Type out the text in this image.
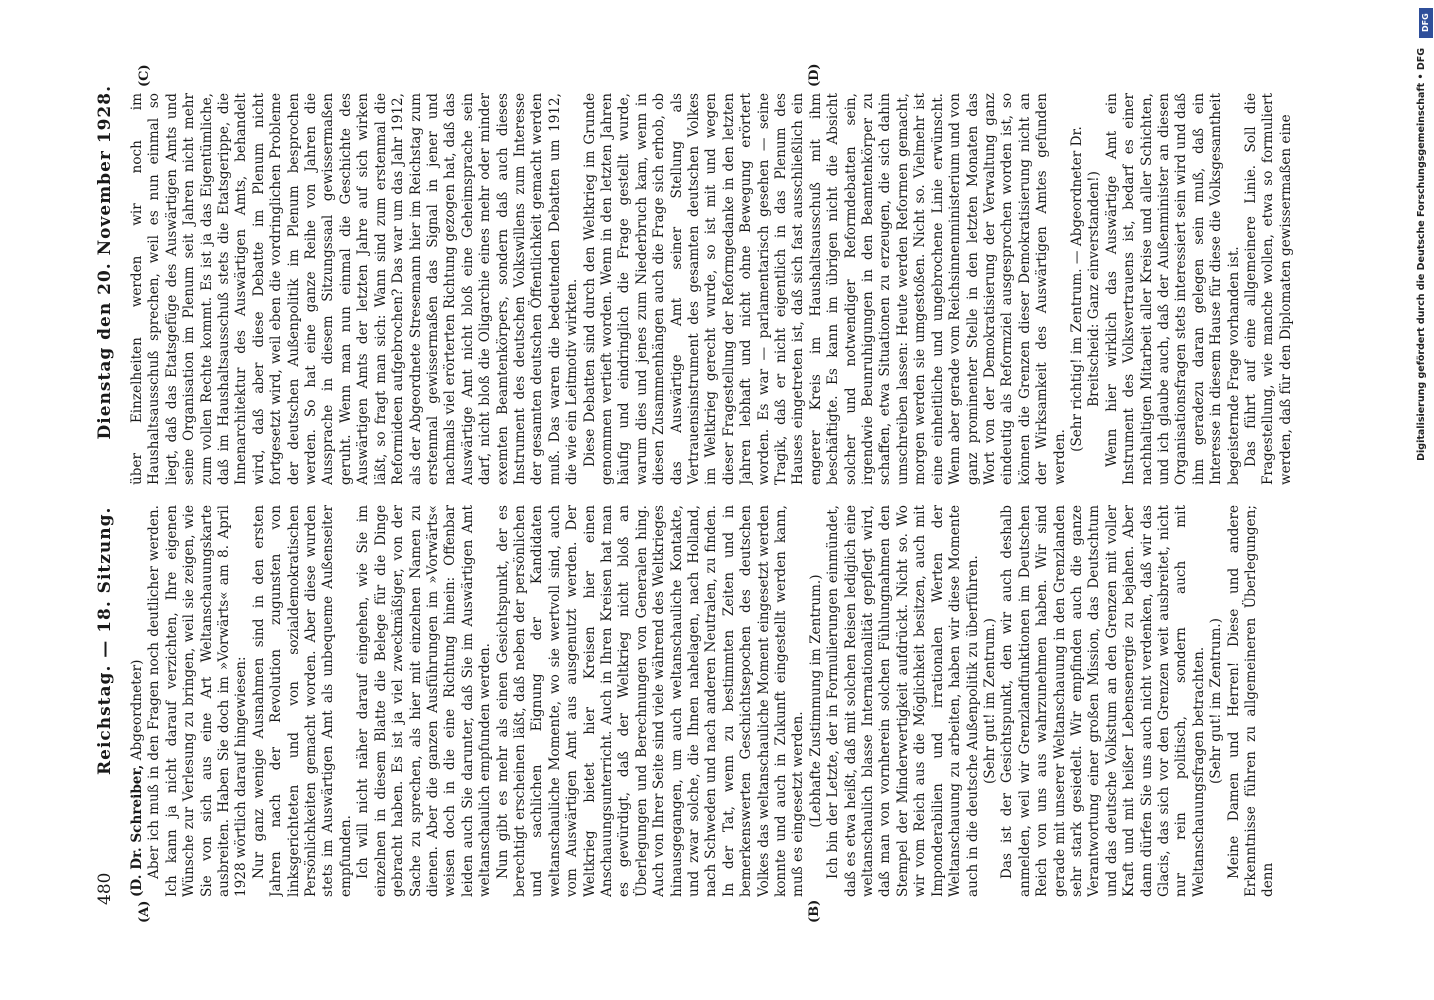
480
Reichstag. — 18. Sitzung.
Dienstag den 20. November 1928.
(A)	(B)
(C)	(D)

(D. Dr. Schreiber, Abgeordneter) Aber ich muß in den Fragen noch deutlicher werden. Ich kann ja nicht darauf verzichten, Ihre eigenen Wünsche zur Verlesung zu bringen, weil sie zeigen, wie Sie von sich aus eine Art Weltanschauungskarte ausbreiten. Haben Sie doch im »Vorwärts« am 8. April 1928 wörtlich darauf hingewiesen: Nur ganz wenige Ausnahmen sind in den ersten Jahren nach der Revolution zugunsten von linksgerichteten und von sozialdemokratischen Persönlichkeiten gemacht worden. Aber diese wurden stets im Auswärtigen Amt als unbequeme Außenseiter empfunden. Ich will nicht näher darauf eingehen, wie Sie im einzelnen in diesem Blatte die Belege für die Dinge gebracht haben. Es ist ja viel zweckmäßiger, von der Sache zu sprechen, als hier mit einzelnen Namen zu dienen. Aber die ganzen Ausführungen im »Vorwärts« weisen doch in die eine Richtung hinein: Offenbar leiden auch Sie darunter, daß Sie im Auswärtigen Amt weltanschaulich empfunden werden. Nun gibt es mehr als einen Gesichtspunkt, der es berechtigt erscheinen läßt, daß neben der persönlichen und sachlichen Eignung der Kandidaten weltanschauliche Momente, wo sie wertvoll sind, auch vom Auswärtigen Amt aus ausgenutzt werden. Der Weltkrieg bietet hier Kreisen hier einen Anschauungsunterricht. Auch in Ihren Kreisen hat man es gewürdigt, daß der Weltkrieg nicht bloß an Überlegungen und Berechnungen von Generalen hing. Auch von Ihrer Seite sind viele während des Weltkrieges hinausgegangen, um auch weltanschauliche Kontakte, und zwar solche, die Ihnen nahelagen, nach Holland, nach Schweden und nach anderen Neutralen, zu finden. In der Tat, wenn zu bestimmten Zeiten und in bemerkenswerten Geschichtsepochen des deutschen Volkes das weltanschauliche Moment eingesetzt werden konnte und auch in Zukunft eingestellt werden kann, muß es eingesetzt werden. (Lebhafte Zustimmung im Zentrum.) Ich bin der Letzte, der in Formulierungen einmündet, daß es etwa heißt, daß mit solchen Reisen lediglich eine weltanschaulich blasse Internationalität gepflegt wird, daß man von vornherein solchen Fühlungnahmen den Stempel der Minderwertigkeit aufdrückt. Nicht so. Wo wir vom Reich aus die Möglichkeit besitzen, auch mit Imponderabilien und irrationalen Werten der Weltanschauung zu arbeiten, haben wir diese Momente auch in die deutsche Außenpolitik zu überführen. (Sehr gut! im Zentrum.) Das ist der Gesichtspunkt, den wir auch deshalb anmelden, weil wir Grenzlandfunktionen im Deutschen Reich von uns aus wahrzunehmen haben. Wir sind gerade mit unserer Weltanschauung in den Grenzlanden sehr stark gesiedelt. Wir empfinden auch die ganze Verantwortung einer großen Mission, das Deutschtum und das deutsche Volkstum an den Grenzen mit voller Kraft und mit heißer Lebensenergie zu bejahen. Aber dann dürfen Sie uns auch nicht verdenken, daß wir das Glacis, das sich vor den Grenzen weit ausbreitet, nicht nur rein politisch, sondern auch mit Weltanschauungsfragen betrachten. (Sehr gut! im Zentrum.) Meine Damen und Herren! Diese und andere Erkenntnisse führen zu allgemeineren Überlegungen; denn

über Einzelheiten werden wir noch im Haushaltsausschuß sprechen, weil es nun einmal so liegt, daß das Etatsgefüge des Auswärtigen Amts und seine Organisation im Plenum seit Jahren nicht mehr zum vollen Rechte kommt. Es ist ja das Eigentümliche, daß im Haushaltsausschuß stets die Etatsgerippe, die Innenarchitektur des Auswärtigen Amts, behandelt wird, daß aber diese Debatte im Plenum nicht fortgesetzt wird, weil eben die vordringlichen Probleme der deutschen Außenpolitik im Plenum besprochen werden. So hat eine ganze Reihe von Jahren die Aussprache in diesem Sitzungssaal gewissermaßen geruht. Wenn man nun einmal die Geschichte des Auswärtigen Amts der letzten Jahre auf sich wirken läßt, so fragt man sich: Wann sind zum erstenmal die Reformideen aufgebrochen? Das war um das Jahr 1912, als der Abgeordnete Stresemann hier im Reichstag zum erstenmal gewissermaßen das Signal in jener und nachmals viel erörterten Richtung gezogen hat, daß das Auswärtige Amt nicht bloß eine Geheimsprache sein darf, nicht bloß die Oligarchie eines mehr oder minder exemten Beamtenkörpers, sondern daß auch dieses Instrument des deutschen Volkswillens zum Interesse der gesamten deutschen Öffentlichkeit gemacht werden muß. Das waren die bedeutenden Debatten um 1912, die wie ein Leitmotiv wirkten. Diese Debatten sind durch den Weltkrieg im Grunde genommen vertieft worden. Wenn in den letzten Jahren häufig und eindringlich die Frage gestellt wurde, warum dies und jenes zum Niederbruch kam, wenn in diesen Zusammenhängen auch die Frage sich erhob, ob das Auswärtige Amt seiner Stellung als Vertrauensinstrument des gesamten deutschen Volkes im Weltkrieg gerecht wurde, so ist mit und wegen dieser Fragestellung der Reformgedanke in den letzten Jahren lebhaft und nicht ohne Bewegung erörtert worden. Es war — parlamentarisch gesehen — seine Tragik, daß er nicht eigentlich in das Plenum des Hauses eingetreten ist, daß sich fast ausschließlich ein engerer Kreis im Haushaltsausschuß mit ihm beschäftigte. Es kann im übrigen nicht die Absicht solcher und notwendiger Reformdebatten sein, irgendwie Beunruhigungen in den Beamtenkörper zu schaffen, etwa Situationen zu erzeugen, die sich dahin umschreiben lassen: Heute werden Reformen gemacht, morgen werden sie umgestoßen. Nicht so. Vielmehr ist eine einheitliche und ungebrochene Linie erwünscht. Wenn aber gerade vom Reichsinnenministerium und von ganz prominenter Stelle in den letzten Monaten das Wort von der Demokratisierung der Verwaltung ganz eindeutig als Reformziel ausgesprochen worden ist, so können die Grenzen dieser Demokratisierung nicht an der Wirksamkeit des Auswärtigen Amtes gefunden werden.

(Sehr richtig! im Zentrum. — Abgeordneter Dr. Breitscheid: Ganz einverstanden!) Wenn hier wirklich das Auswärtige Amt ein Instrument des Volksvertrauens ist, bedarf es einer nachhaltigen Mitarbeit aller Kreise und aller Schichten, und ich glaube auch, daß der Außenminister an diesen Organisationsfragen stets interessiert sein wird und daß ihm geradezu daran gelegen sein muß, daß ein Interesse in diesem Hause für diese die Volksgesamtheit begeisternde Frage vorhanden ist. Das führt auf eine allgemeinere Linie. Soll die Fragestellung, wie manche wollen, etwa so formuliert werden, daß für den Diplomaten gewissermaßen eine

DFG
Digitalisierung gefördert durch die Deutsche Forschungsgemeinschaft • DFG
